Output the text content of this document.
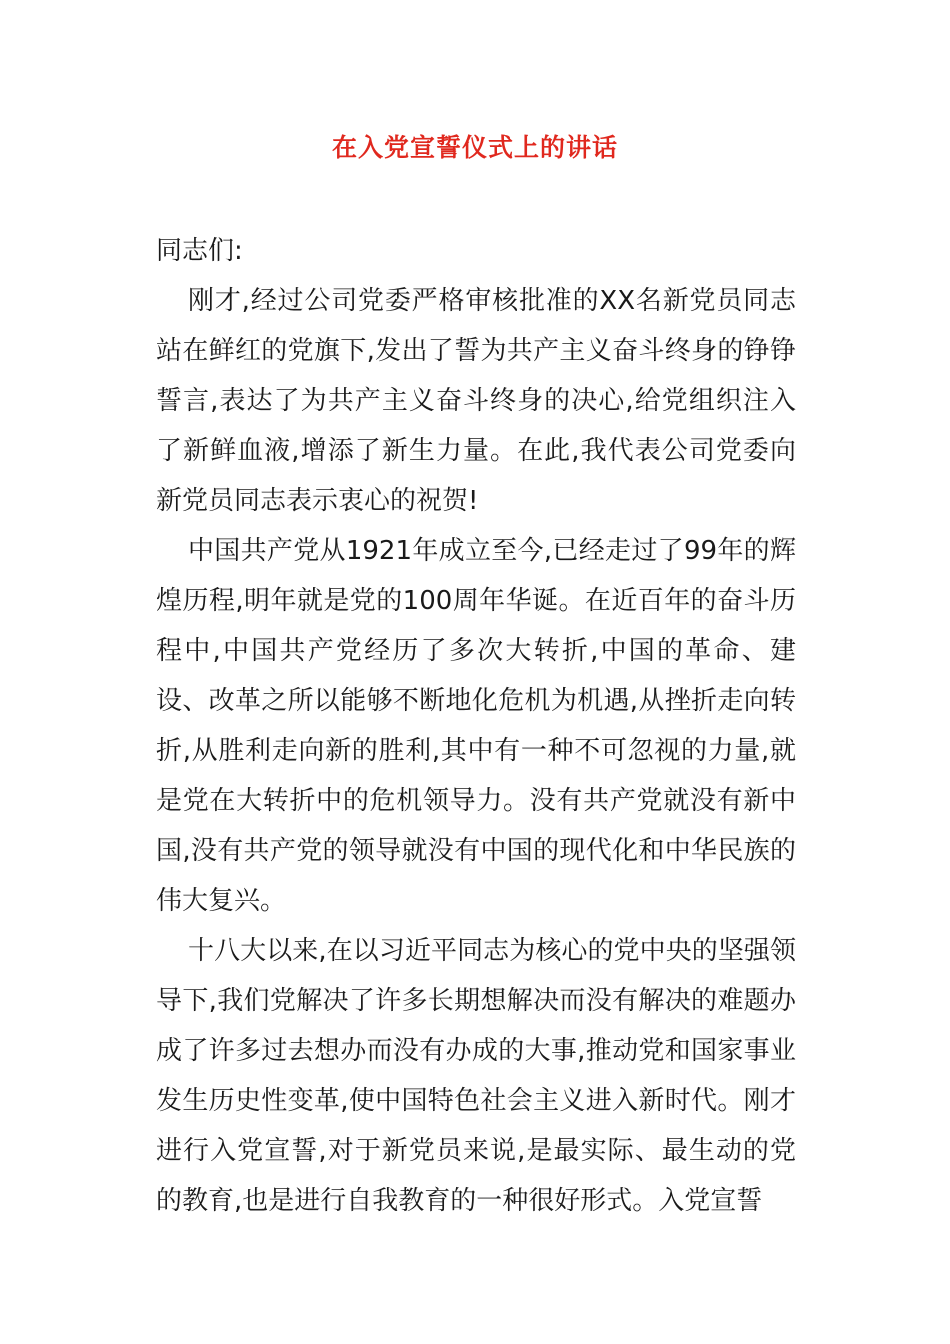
在入党宣誓仪式上的讲话

同志们:

刚才,经过公司党委严格审核批准的XX名新党员同志站在鲜红的党旗下,发出了誓为共产主义奋斗终身的铮铮誓言,表达了为共产主义奋斗终身的决心,给党组织注入了新鲜血液,增添了新生力量。在此,我代表公司党委向新党员同志表示衷心的祝贺!

中国共产党从1921年成立至今,已经走过了99年的辉煌历程,明年就是党的100周年华诞。在近百年的奋斗历程中,中国共产党经历了多次大转折,中国的革命、建设、改革之所以能够不断地化危机为机遇,从挫折走向转折,从胜利走向新的胜利,其中有一种不可忽视的力量,就是党在大转折中的危机领导力。没有共产党就没有新中国,没有共产党的领导就没有中国的现代化和中华民族的伟大复兴。

十八大以来,在以习近平同志为核心的党中央的坚强领导下,我们党解决了许多长期想解决而没有解决的难题办成了许多过去想办而没有办成的大事,推动党和国家事业发生历史性变革,使中国特色社会主义进入新时代。刚才进行入党宣誓,对于新党员来说,是最实际、最生动的党的教育,也是进行自我教育的一种很好形式。入党宣誓
